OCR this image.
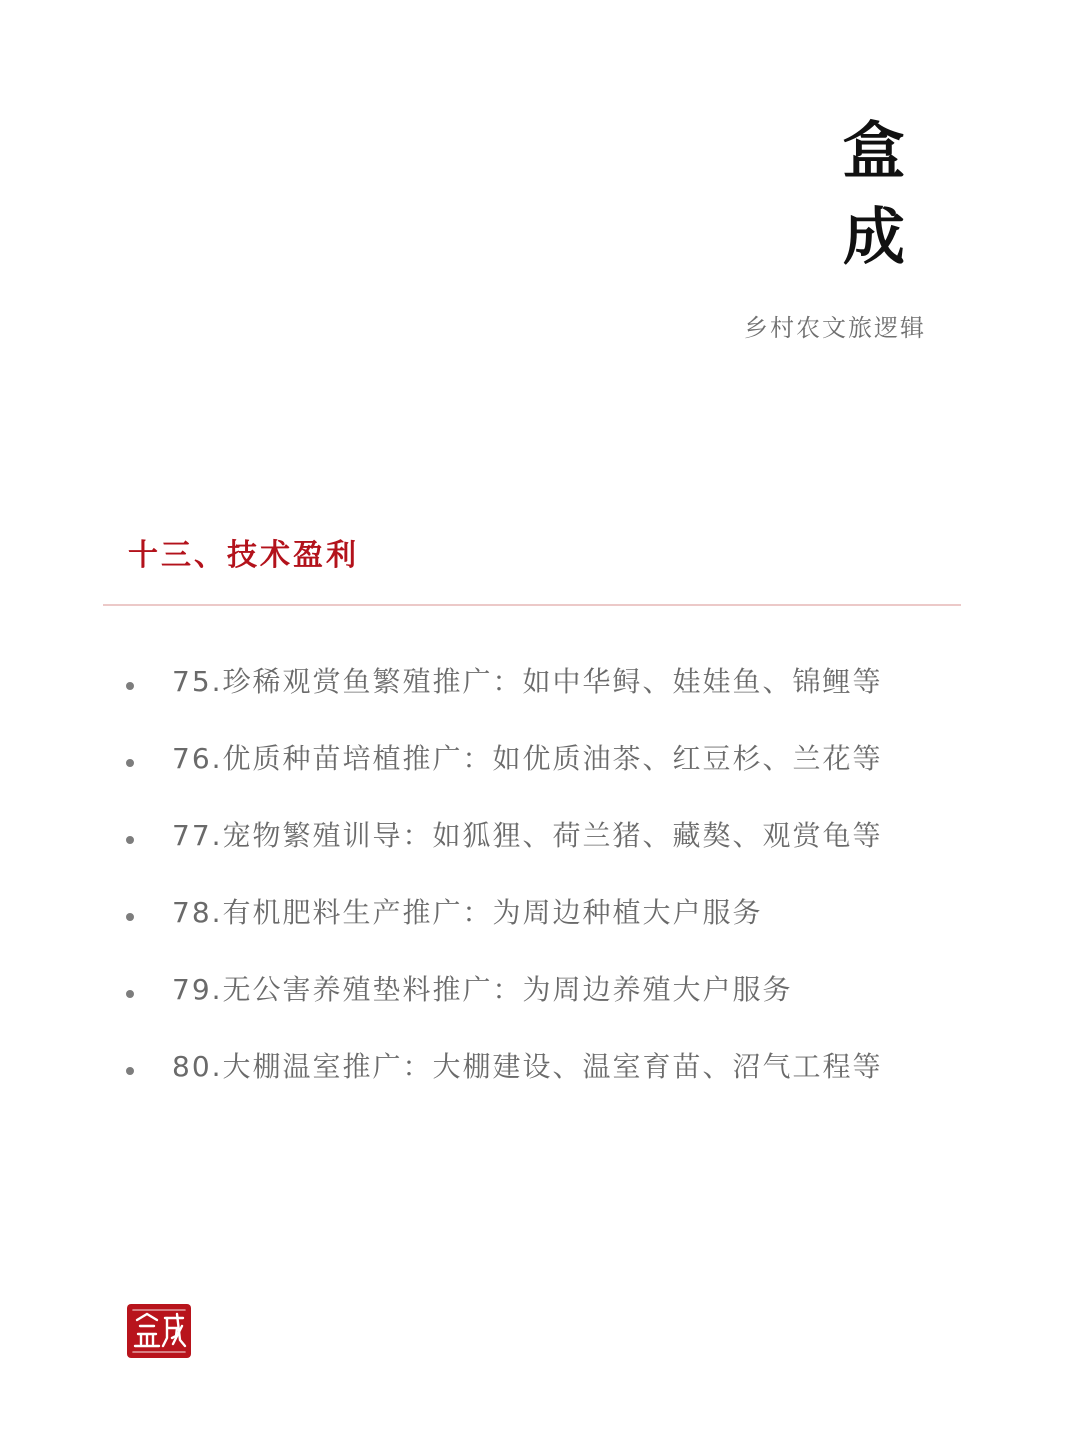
盒
成
乡村农文旅逻辑
十三、技术盈利
75.珍稀观赏鱼繁殖推广：如中华鲟、娃娃鱼、锦鲤等
76.优质种苗培植推广：如优质油茶、红豆杉、兰花等
77.宠物繁殖训导：如狐狸、荷兰猪、藏獒、观赏龟等
78.有机肥料生产推广：为周边种植大户服务
79.无公害养殖垫料推广：为周边养殖大户服务
80.大棚温室推广：大棚建设、温室育苗、沼气工程等
